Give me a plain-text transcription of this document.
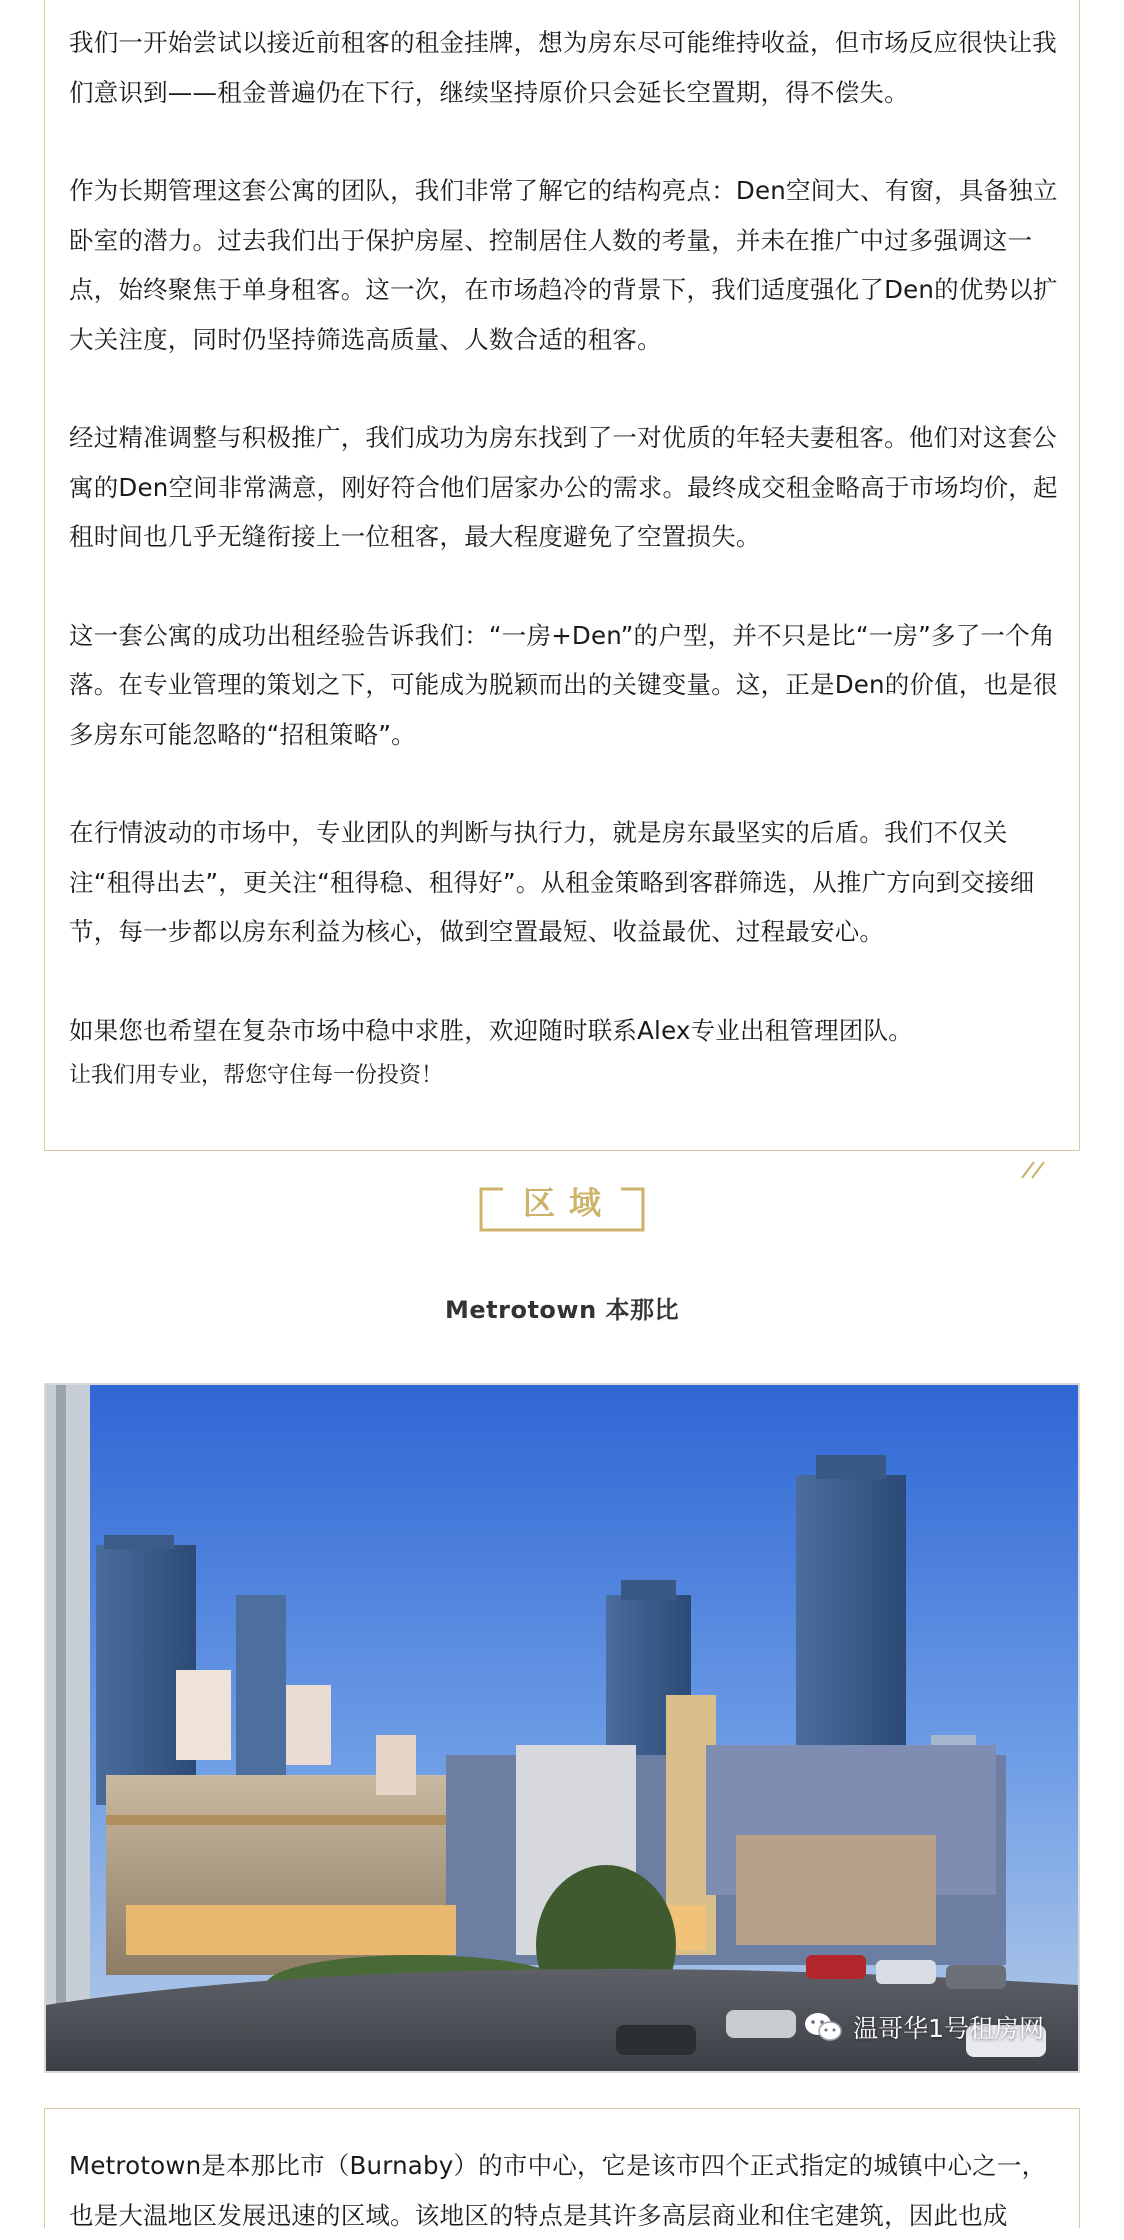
我们一开始尝试以接近前租客的租金挂牌，想为房东尽可能维持收益，但市场反应很快让我们意识到——租金普遍仍在下行，继续坚持原价只会延长空置期，得不偿失。

作为长期管理这套公寓的团队，我们非常了解它的结构亮点：Den空间大、有窗，具备独立卧室的潜力。过去我们出于保护房屋、控制居住人数的考量，并未在推广中过多强调这一点，始终聚焦于单身租客。这一次，在市场趋冷的背景下，我们适度强化了Den的优势以扩大关注度，同时仍坚持筛选高质量、人数合适的租客。

经过精准调整与积极推广，我们成功为房东找到了一对优质的年轻夫妻租客。他们对这套公寓的Den空间非常满意，刚好符合他们居家办公的需求。最终成交租金略高于市场均价，起租时间也几乎无缝衔接上一位租客，最大程度避免了空置损失。

这一套公寓的成功出租经验告诉我们：“一房+Den”的户型，并不只是比“一房”多了一个角落。在专业管理的策划之下，可能成为脱颖而出的关键变量。这，正是Den的价值，也是很多房东可能忽略的“招租策略”。

在行情波动的市场中，专业团队的判断与执行力，就是房东最坚实的后盾。我们不仅关注“租得出去”，更关注“租得稳、租得好”。从租金策略到客群筛选，从推广方向到交接细节，每一步都以房东利益为核心，做到空置最短、收益最优、过程最安心。

如果您也希望在复杂市场中稳中求胜，欢迎随时联系Alex专业出租管理团队。

让我们用专业，帮您守住每一份投资！

区域
Metrotown 本那比
温哥华1号租房网

Metrotown是本那比市（Burnaby）的市中心，它是该市四个正式指定的城镇中心之一，也是大温地区发展迅速的区域。该地区的特点是其许多高层商业和住宅建筑，因此也成
